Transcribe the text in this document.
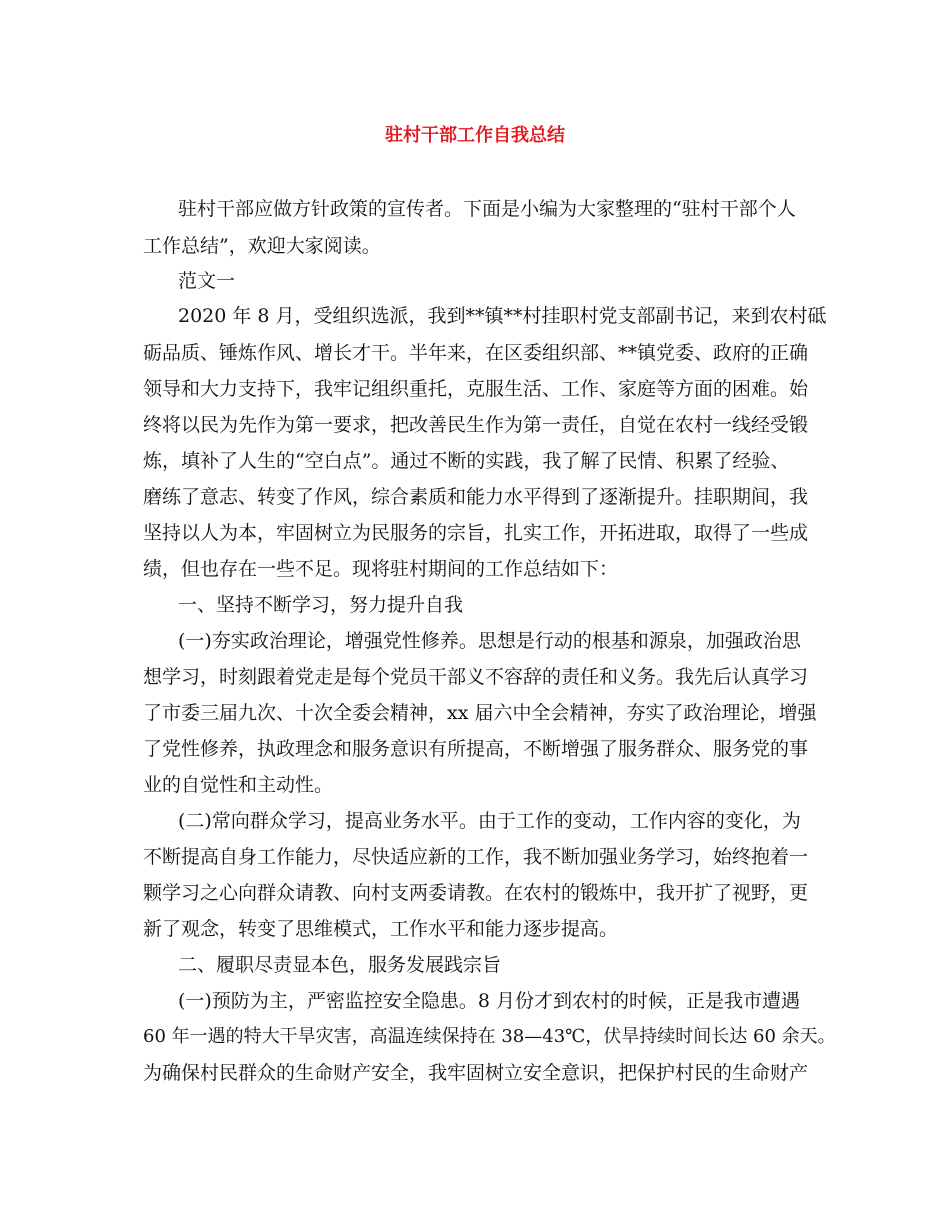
驻村干部工作自我总结

驻村干部应做方针政策的宣传者。下面是小编为大家整理的“驻村干部个人

工作总结”，欢迎大家阅读。

范文一

2020 年 8 月，受组织选派，我到**镇**村挂职村党支部副书记，来到农村砥

砺品质、锤炼作风、增长才干。半年来，在区委组织部、**镇党委、政府的正确

领导和大力支持下，我牢记组织重托，克服生活、工作、家庭等方面的困难。始

终将以民为先作为第一要求，把改善民生作为第一责任，自觉在农村一线经受锻

炼，填补了人生的“空白点”。通过不断的实践，我了解了民情、积累了经验、

磨练了意志、转变了作风，综合素质和能力水平得到了逐渐提升。挂职期间，我

坚持以人为本，牢固树立为民服务的宗旨，扎实工作，开拓进取，取得了一些成

绩，但也存在一些不足。现将驻村期间的工作总结如下：

一、坚持不断学习，努力提升自我

(一)夯实政治理论，增强党性修养。思想是行动的根基和源泉，加强政治思

想学习，时刻跟着党走是每个党员干部义不容辞的责任和义务。我先后认真学习

了市委三届九次、十次全委会精神，xx 届六中全会精神，夯实了政治理论，增强

了党性修养，执政理念和服务意识有所提高，不断增强了服务群众、服务党的事

业的自觉性和主动性。

(二)常向群众学习，提高业务水平。由于工作的变动，工作内容的变化，为

不断提高自身工作能力，尽快适应新的工作，我不断加强业务学习，始终抱着一

颗学习之心向群众请教、向村支两委请教。在农村的锻炼中，我开扩了视野，更

新了观念，转变了思维模式，工作水平和能力逐步提高。

二、履职尽责显本色，服务发展践宗旨

(一)预防为主，严密监控安全隐患。8 月份才到农村的时候，正是我市遭遇

60 年一遇的特大干旱灾害，高温连续保持在 38—43℃，伏旱持续时间长达 60 余天。

为确保村民群众的生命财产安全，我牢固树立安全意识，把保护村民的生命财产
